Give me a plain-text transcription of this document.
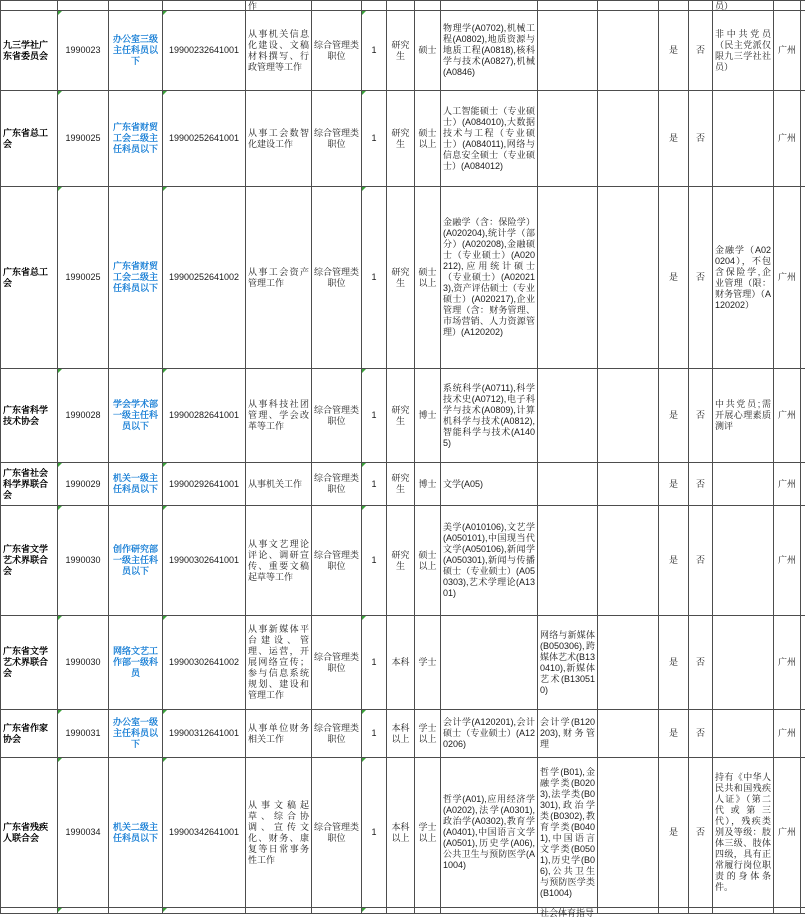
				作										员）		

九三学社广东省委员会	1990023	办公室三级主任科员以下	19900232641001	从事机关信息化建设、文稿材料撰写、行政管理等工作	综合管理类职位	1	研究生	硕士	物理学(A0702),机械工程(A0802),地质资源与地质工程(A0818),核科学与技术(A0827),机械(A0846)			是	否	非中共党员（民主党派仅限九三学社社员）	广州	

广东省总工会	1990025	广东省财贸工会二级主任科员以下	19900252641001	从事工会数智化建设工作	综合管理类职位	1	研究生	硕士以上	人工智能硕士（专业硕士）(A084010),大数据技术与工程（专业硕士）(A084011),网络与信息安全硕士（专业硕士）(A084012)			是	否		广州	

广东省总工会	1990025	广东省财贸工会二级主任科员以下	19900252641002	从事工会资产管理工作	综合管理类职位	1	研究生	硕士以上	金融学（含：保险学）(A020204),统计学（部分）(A020208),金融硕士（专业硕士）(A020212),应用统计硕士（专业硕士）(A020213),资产评估硕士（专业硕士）(A020217),企业管理（含：财务管理、市场营销、人力资源管理）(A120202)			是	否	金融学（A020204），不包含保险学,企业管理（限：财务管理）（A120202）	广州	

广东省科学技术协会	1990028	学会学术部一级主任科员以下	19900282641001	从事科技社团管理、学会改革等工作	综合管理类职位	1	研究生	博士	系统科学(A0711),科学技术史(A0712),电子科学与技术(A0809),计算机科学与技术(A0812),智能科学与技术(A1405)			是	否	中共党员;需开展心理素质测评	广州	

广东省社会科学界联合会	1990029	机关一级主任科员以下	19900292641001	从事机关工作	综合管理类职位	1	研究生	博士	文学(A05)			是	否		广州	

广东省文学艺术界联合会	1990030	创作研究部一级主任科员以下	19900302641001	从事文艺理论评论、调研宣传、重要文稿起草等工作	综合管理类职位	1	研究生	硕士以上	美学(A010106),文艺学(A050101),中国现当代文学(A050106),新闻学(A050301),新闻与传播硕士（专业硕士）(A050303),艺术学理论(A1301)			是	否		广州	

广东省文学艺术界联合会	1990030	网络文艺工作部一级科员	19900302641002	从事新媒体平台建设、管理、运营，开展网络宣传；参与信息系统规划、建设和管理工作	综合管理类职位	1	本科	学士		网络与新媒体(B050306),跨媒体艺术(B130410),新媒体艺术(B130510)		是	否		广州	

广东省作家协会	1990031	办公室一级主任科员以下	19900312641001	从事单位财务相关工作	综合管理类职位	1	本科以上	学士以上	会计学(A120201),会计硕士（专业硕士）(A120206)	会计学(B120203),财务管理		是	否		广州	

广东省残疾人联合会	1990034	机关二级主任科员以下	19900342641001	从事文稿起草、综合协调、宣传文化、财务、康复等日常事务性工作	综合管理类职位	1	本科以上	学士以上	哲学(A01),应用经济学(A0202),法学(A0301),政治学(A0302),教育学(A0401),中国语言文学(A0501),历史学(A06),公共卫生与预防医学(A1004)	哲学(B01),金融学类(B0203),法学类(B0301),政治学类(B0302),教育学类(B0401),中国语言文学类(B0501),历史学(B06),公共卫生与预防医学类(B1004)		是	否	持有《中华人民共和国残疾人证》（第二代或第三代），残疾类别及等级：肢体三级、肢体四级，具有正常履行岗位职责的身体条件。	广州	

										社会体育指导						
